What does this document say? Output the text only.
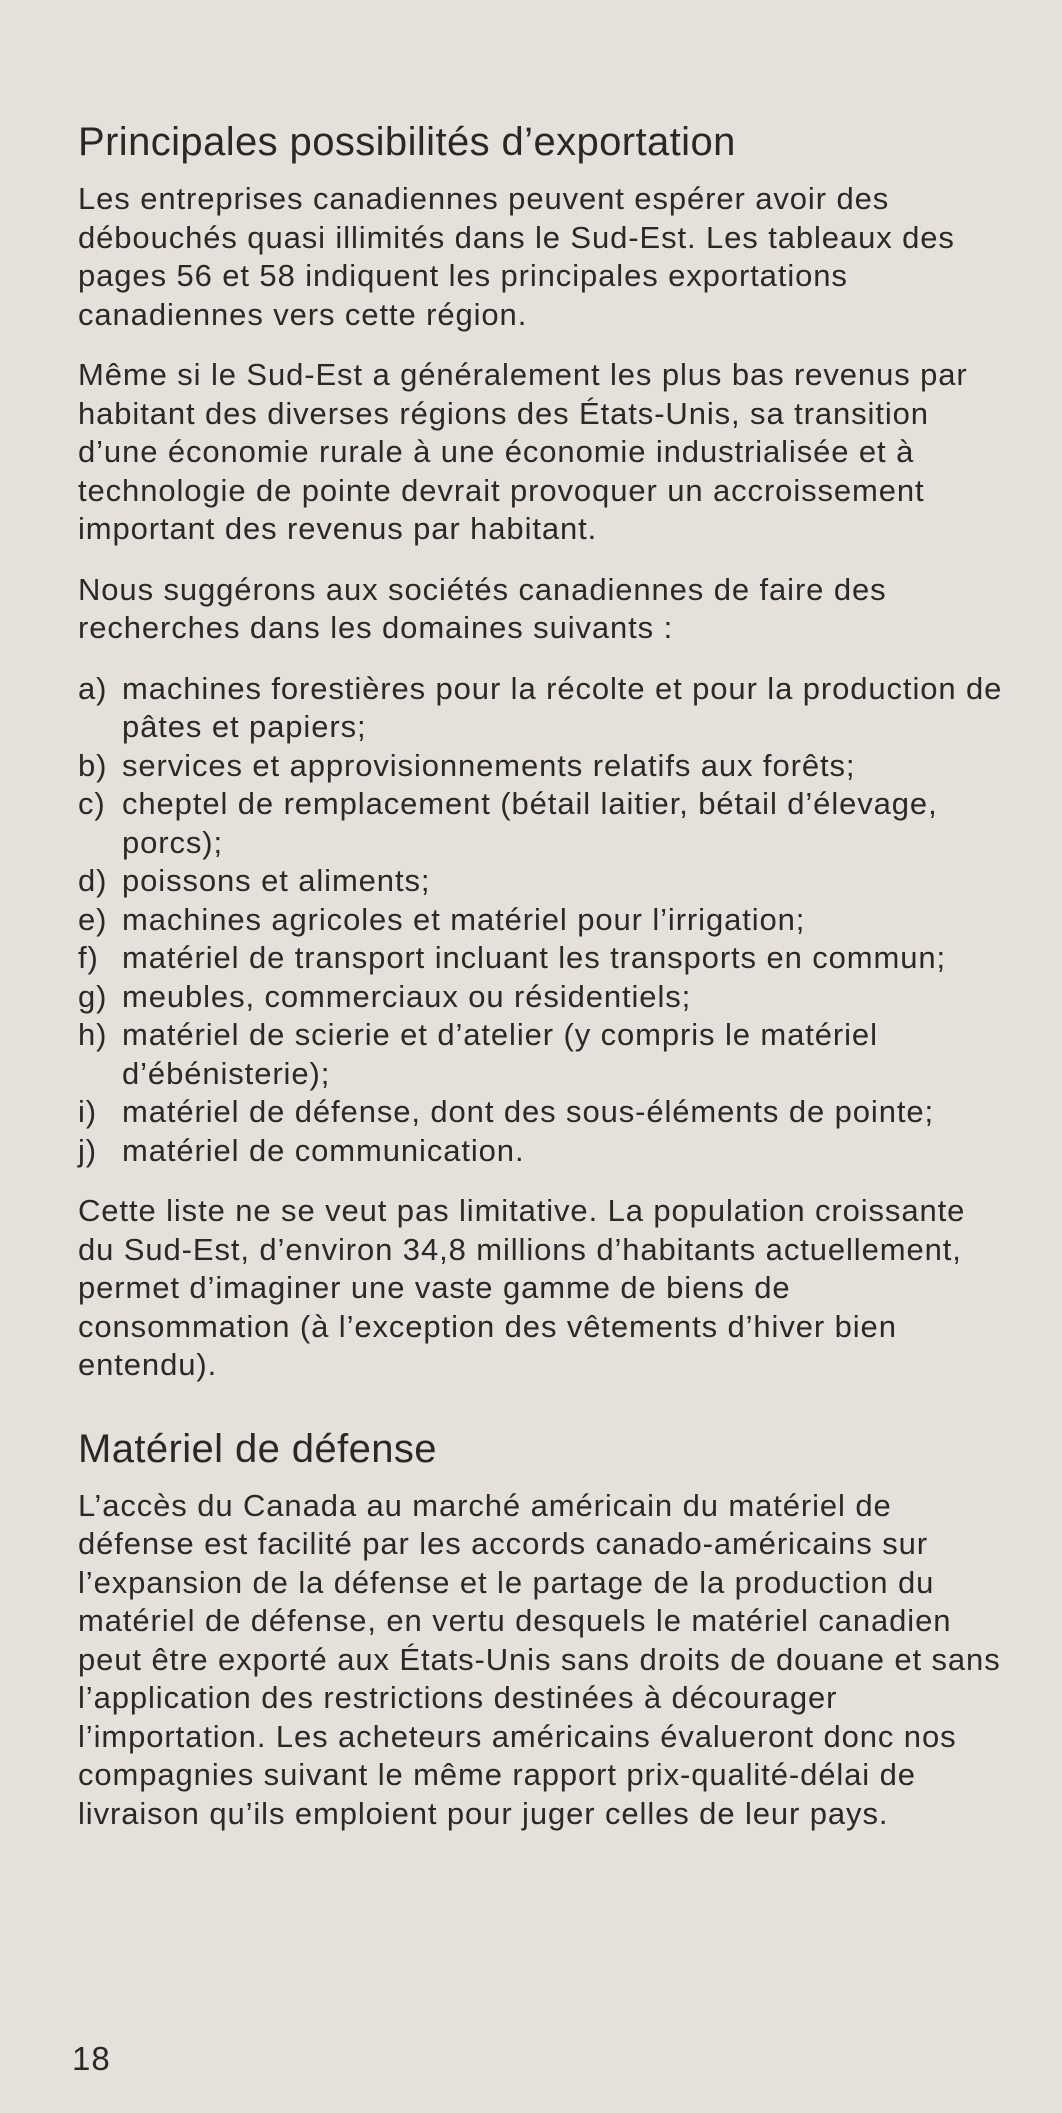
Principales possibilités d’exportation

Les entreprises canadiennes peuvent espérer avoir des débouchés quasi illimités dans le Sud-Est. Les tableaux des pages 56 et 58 indiquent les principales exportations canadiennes vers cette région.

Même si le Sud-Est a généralement les plus bas revenus par habitant des diverses régions des États-Unis, sa transition d’une économie rurale à une économie industrialisée et à technologie de pointe devrait provoquer un accroissement important des revenus par habitant.

Nous suggérons aux sociétés canadiennes de faire des recherches dans les domaines suivants :

a) machines forestières pour la récolte et pour la production de pâtes et papiers;
b) services et approvisionnements relatifs aux forêts;
c) cheptel de remplacement (bétail laitier, bétail d’élevage, porcs);
d) poissons et aliments;
e) machines agricoles et matériel pour l’irrigation;
f) matériel de transport incluant les transports en commun;
g) meubles, commerciaux ou résidentiels;
h) matériel de scierie et d’atelier (y compris le matériel d’ébénisterie);
i) matériel de défense, dont des sous-éléments de pointe;
j) matériel de communication.

Cette liste ne se veut pas limitative. La population croissante du Sud-Est, d’environ 34,8 millions d’habitants actuellement, permet d’imaginer une vaste gamme de biens de consommation (à l’exception des vêtements d’hiver bien entendu).

Matériel de défense

L’accès du Canada au marché américain du matériel de défense est facilité par les accords canado-américains sur l’expansion de la défense et le partage de la production du matériel de défense, en vertu desquels le matériel canadien peut être exporté aux États-Unis sans droits de douane et sans l’application des restrictions destinées à décourager l’importation. Les acheteurs américains évalueront donc nos compagnies suivant le même rapport prix-qualité-délai de livraison qu’ils emploient pour juger celles de leur pays.

18
